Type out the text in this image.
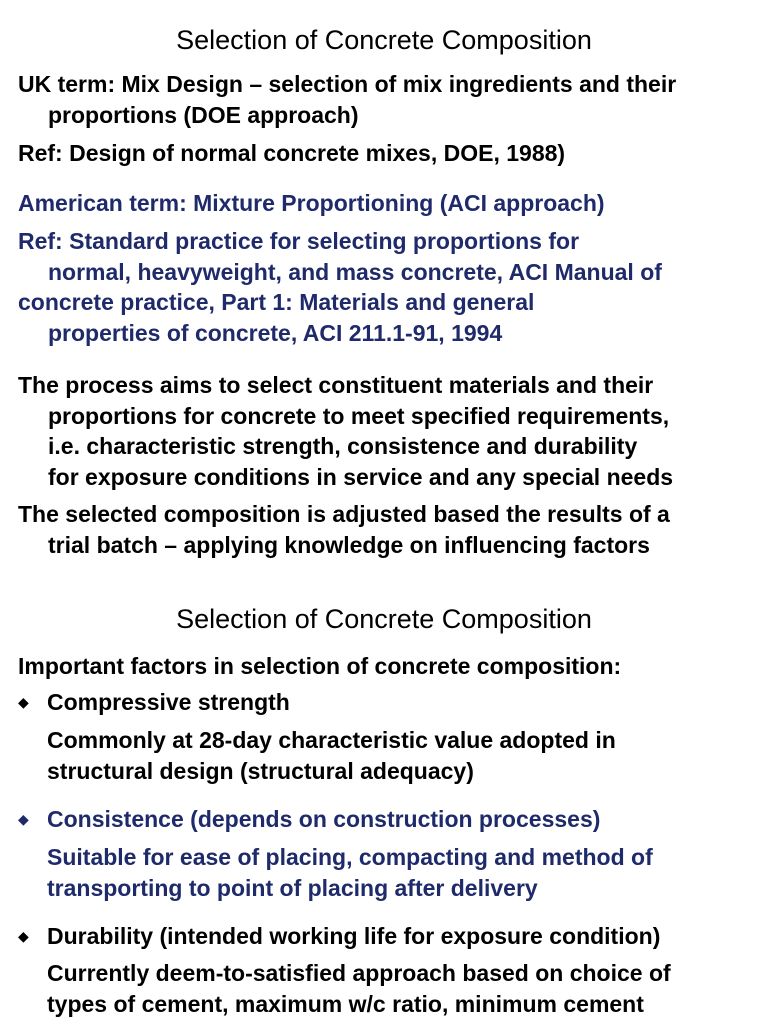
Selection of Concrete Composition
UK term: Mix Design – selection of mix ingredients and their
proportions (DOE approach)
Ref: Design of normal concrete mixes, DOE, 1988)
American term: Mixture Proportioning (ACI approach)
Ref: Standard practice for selecting proportions for
normal, heavyweight, and mass concrete, ACI Manual of
concrete practice, Part 1: Materials and general
properties of concrete, ACI 211.1-91, 1994
The process aims to select constituent materials and their
proportions for concrete to meet specified requirements,
i.e. characteristic strength, consistence and durability
for exposure conditions in service and any special needs
The selected composition is adjusted based the results of a
trial batch – applying knowledge on influencing factors
Selection of Concrete Composition
Important factors in selection of concrete composition:
◆ Compressive strength
Commonly at 28-day characteristic value adopted in
structural design (structural adequacy)
◆ Consistence (depends on construction processes)
Suitable for ease of placing, compacting and method of
transporting to point of placing after delivery
◆ Durability (intended working life for exposure condition)
Currently deem-to-satisfied approach based on choice of
types of cement, maximum w/c ratio, minimum cement
